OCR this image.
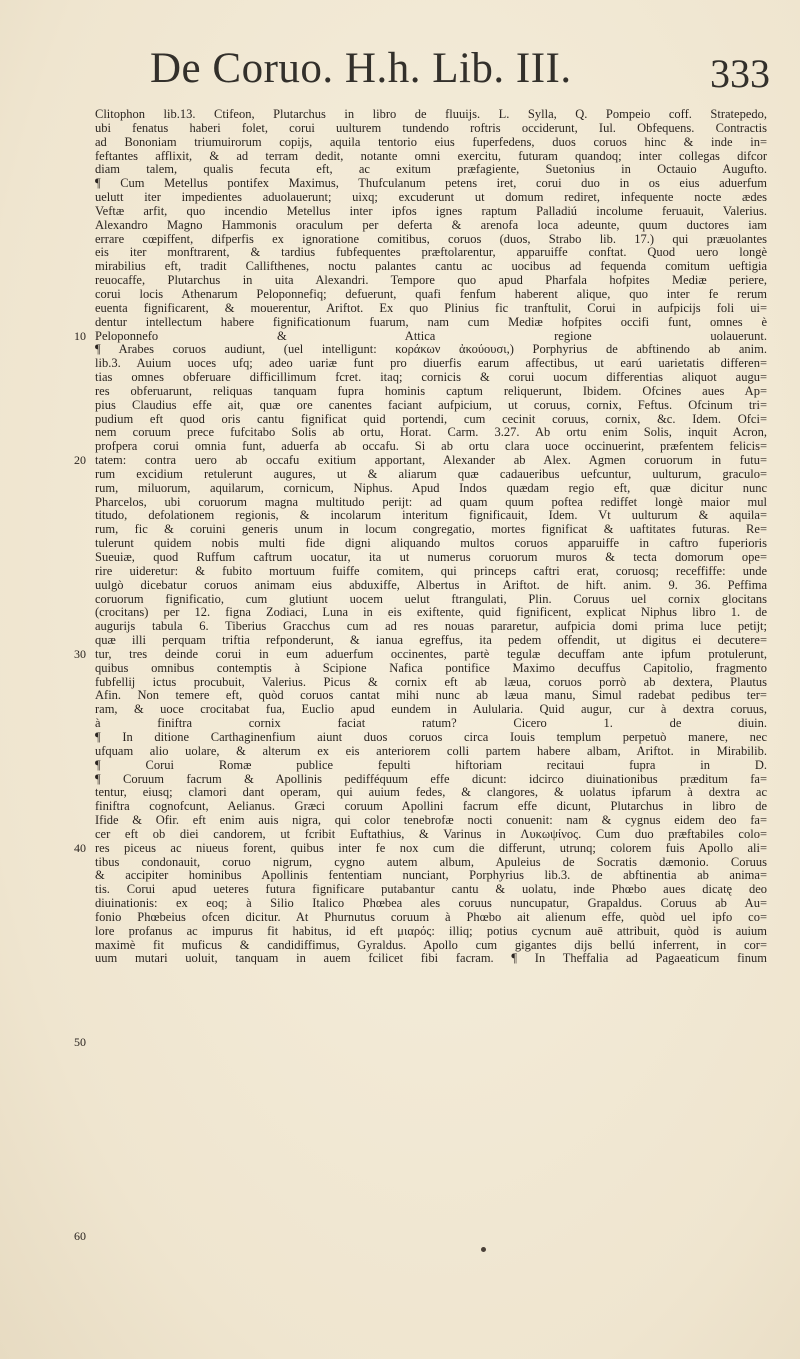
De Coruo. H.h. Lib. III.	333
Clitophon lib.13. Ctifeon, Plutarchus in libro de fluuijs. L. Sylla, Q. Pompeio coff. Stratepedo,
ubi fenatus haberi folet, corui uulturem tundendo roftris occiderunt, Iul. Obfequens. Contractis
ad Bononiam triumuirorum copijs, aquila tentorio eius fuperfedens, duos coruos hinc & inde in=
feftantes afflixit, & ad terram dedit, notante omni exercitu, futuram quandoq; inter collegas difcor
diam talem, qualis fecuta eft, ac exitum præfagiente, Suetonius in Octauio Augufto.
¶ Cum Metellus pontifex Maximus, Thufculanum petens iret, corui duo in os eius aduerfum
uelutt iter impedientes aduolauerunt; uixq; excuderunt ut domum rediret, infequente nocte ædes
Veftæ arfit, quo incendio Metellus inter ipfos ignes raptum Palladiú incolume feruauit, Valerius.
Alexandro Magno Hammonis oraculum per deferta & arenofa loca adeunte, quum ductores iam
errare cœpiffent, difperfis ex ignoratione comitibus, coruos (duos, Strabo lib. 17.) qui præuolantes
eis iter monftrarent, & tardius fubfequentes præftolarentur, apparuiffe conftat. Quod uero longè
mirabilius eft, tradit Callifthenes, noctu palantes cantu ac uocibus ad fequenda comitum ueftigia
reuocaffe, Plutarchus in uita Alexandri. Tempore quo apud Pharfala hofpites Mediæ periere,
corui locis Athenarum Peloponnefiq; defuerunt, quafi fenfum haberent alique, quo inter fe rerum
euenta fignificarent, & mouerentur, Ariftot. Ex quo Plinius fic tranftulit, Corui in aufpicijs foli ui=
dentur intellectum habere fignificationum fuarum, nam cum Mediæ hofpites occifi funt, omnes è
Peloponnefo & Attica regione uolauerunt.
¶ Arabes coruos audiunt, (uel intelligunt: κοράκων ἀκούουσι,) Porphyrius de abftinendo ab anim.
lib.3. Auium uoces ufq; adeo uariæ funt pro diuerfis earum affectibus, ut earú uarietatis differen=
tias omnes obferuare difficillimum fcret. itaq; cornicis & corui uocum differentias aliquot augu=
res obferuarunt, reliquas tanquam fupra hominis captum reliquerunt, Ibidem. Ofcines aues Ap=
pius Claudius effe ait, quæ ore canentes faciant aufpicium, ut coruus, cornix, Feftus. Ofcinum tri=
pudium eft quod oris cantu fignificat quid portendi, cum cecinit coruus, cornix, &c. Idem. Ofci=
nem coruum prece fufcitabo Solis ab ortu, Horat. Carm. 3.27. Ab ortu enim Solis, inquit Acron,
profpera corui omnia funt, aduerfa ab occafu. Si ab ortu clara uoce occinuerint, præfentem felicis=
tatem: contra uero ab occafu exitium apportant, Alexander ab Alex. Agmen coruorum in futu=
rum excidium retulerunt augures, ut & aliarum quæ cadaueribus uefcuntur, uulturum, graculo=
rum, miluorum, aquilarum, cornicum, Niphus. Apud Indos quædam regio eft, quæ dicitur nunc
Pharcelos, ubi coruorum magna multitudo perijt: ad quam quum poftea rediffet longè maior mul
titudo, defolationem regionis, & incolarum interitum fignificauit, Idem. Vt uulturum & aquila=
rum, fic & coruini generis unum in locum congregatio, mortes fignificat & uaftitates futuras. Re=
tulerunt quidem nobis multi fide digni aliquando multos coruos apparuiffe in caftro fuperioris
Sueuiæ, quod Ruffum caftrum uocatur, ita ut numerus coruorum muros & tecta domorum ope=
rire uideretur: & fubito mortuum fuiffe comitem, qui princeps caftri erat, coruosq; receffiffe: unde
uulgò dicebatur coruos animam eius abduxiffe, Albertus in Ariftot. de hift. anim. 9. 36. Peffima
coruorum fignificatio, cum glutiunt uocem uelut ftrangulati, Plin. Coruus uel cornix glocitans
(crocitans) per 12. figna Zodiaci, Luna in eis exiftente, quid fignificent, explicat Niphus libro 1. de
augurijs tabula 6. Tiberius Gracchus cum ad res nouas pararetur, aufpicia domi prima luce petijt;
quæ illi perquam triftia refponderunt, & ianua egreffus, ita pedem offendit, ut digitus ei decutere=
tur, tres deinde corui in eum aduerfum occinentes, partè tegulæ decuffam ante ipfum protulerunt,
quibus omnibus contemptis à Scipione Nafica pontifice Maximo decuffus Capitolio, fragmento
fubfellij ictus procubuit, Valerius. Picus & cornix eft ab læua, coruos porrò ab dextera, Plautus
Afin. Non temere eft, quòd coruos cantat mihi nunc ab læua manu, Simul radebat pedibus ter=
ram, & uoce crocitabat fua, Euclio apud eundem in Aulularia. Quid augur, cur à dextra coruus,
à finiftra cornix faciat ratum? Cicero 1. de diuin.
¶ In ditione Carthaginenfium aiunt duos coruos circa Iouis templum perpetuò manere, nec
ufquam alio uolare, & alterum ex eis anteriorem colli partem habere albam, Ariftot. in Mirabilib.
¶ Corui Romæ publice fepulti hiftoriam recitaui fupra in D.
¶ Coruum facrum & Apollinis pedifféquum effe dicunt: idcirco diuinationibus præditum fa=
tentur, eiusq; clamori dant operam, qui auium fedes, & clangores, & uolatus ipfarum à dextra ac
finiftra cognofcunt, Aelianus. Græci coruum Apollini facrum effe dicunt, Plutarchus in libro de
Ifide & Ofir. eft enim auis nigra, qui color tenebrofæ nocti conuenit: nam & cygnus eidem deo fa=
cer eft ob diei candorem, ut fcribit Euftathius, & Varinus in Λυκωψίνος. Cum duo præftabiles colo=
res piceus ac niueus forent, quibus inter fe nox cum die differunt, utrunq; colorem fuis Apollo ali=
tibus condonauit, coruo nigrum, cygno autem album, Apuleius de Socratis dæmonio. Coruus
& accipiter hominibus Apollinis fententiam nunciant, Porphyrius lib.3. de abftinentia ab anima=
tis. Corui apud ueteres futura fignificare putabantur cantu & uolatu, inde Phœbo aues dicatę deo
diuinationis: ex eoq; à Silio Italico Phœbea ales coruus nuncupatur, Grapaldus. Coruus ab Au=
fonio Phœbeius ofcen dicitur. At Phurnutus coruum à Phœbo ait alienum effe, quòd uel ipfo co=
lore profanus ac impurus fit habitus, id eft μιαρός: illiq; potius cycnum auē attribuit, quòd is auium
maximè fit muficus & candidiffimus, Gyraldus. Apollo cum gigantes dijs bellú inferrent, in cor=
uum mutari uoluit, tanquam in auem fcilicet fibi facram. ¶ In Theffalia ad Pagaeaticum finum
10
20
30
40
50
60
